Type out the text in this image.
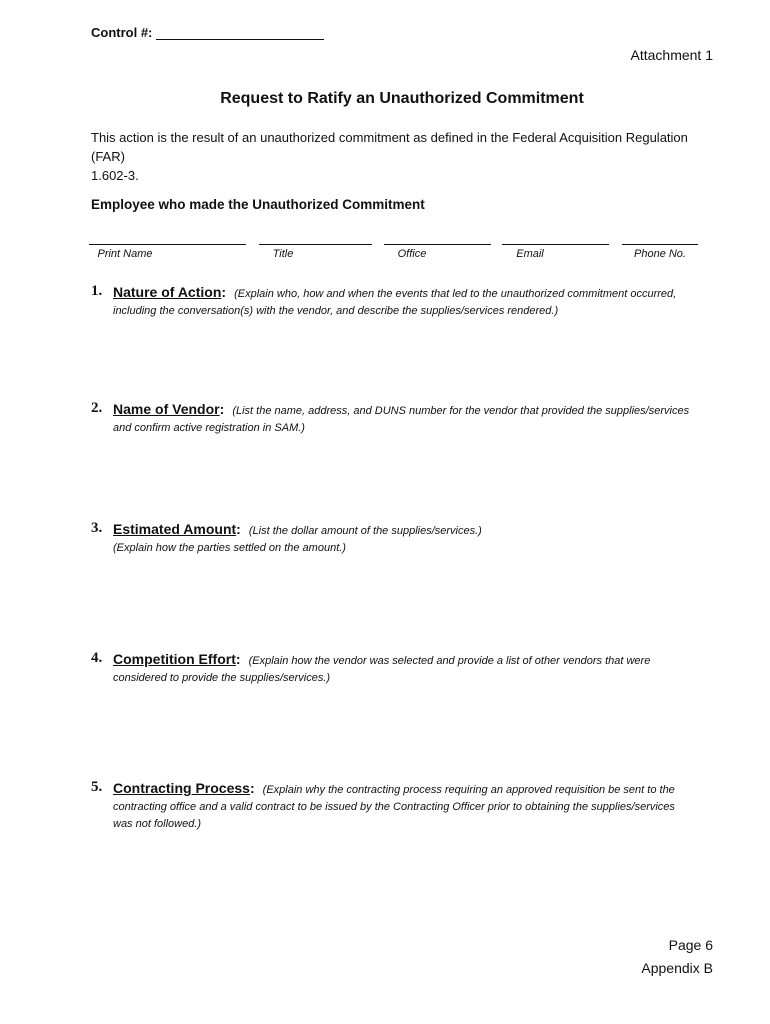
Control #:
Attachment 1
Request to Ratify an Unauthorized Commitment
This action is the result of an unauthorized commitment as defined in the Federal Acquisition Regulation (FAR)
1.602-3.
Employee who made the Unauthorized Commitment
Print Name	Title	Office	Email	Phone No.
1. Nature of Action: (Explain who, how and when the events that led to the unauthorized commitment occurred,
including the conversation(s) with the vendor, and describe the supplies/services rendered.)
2. Name of Vendor: (List the name, address, and DUNS number for the vendor that provided the supplies/services
and confirm active registration in SAM.)
3. Estimated Amount: (List the dollar amount of the supplies/services.)
(Explain how the parties settled on the amount.)
4. Competition Effort: (Explain how the vendor was selected and provide a list of other vendors that were
considered to provide the supplies/services.)
5. Contracting Process: (Explain why the contracting process requiring an approved requisition be sent to the
contracting office and a valid contract to be issued by the Contracting Officer prior to obtaining the supplies/services
was not followed.)
Page 6
Appendix B
